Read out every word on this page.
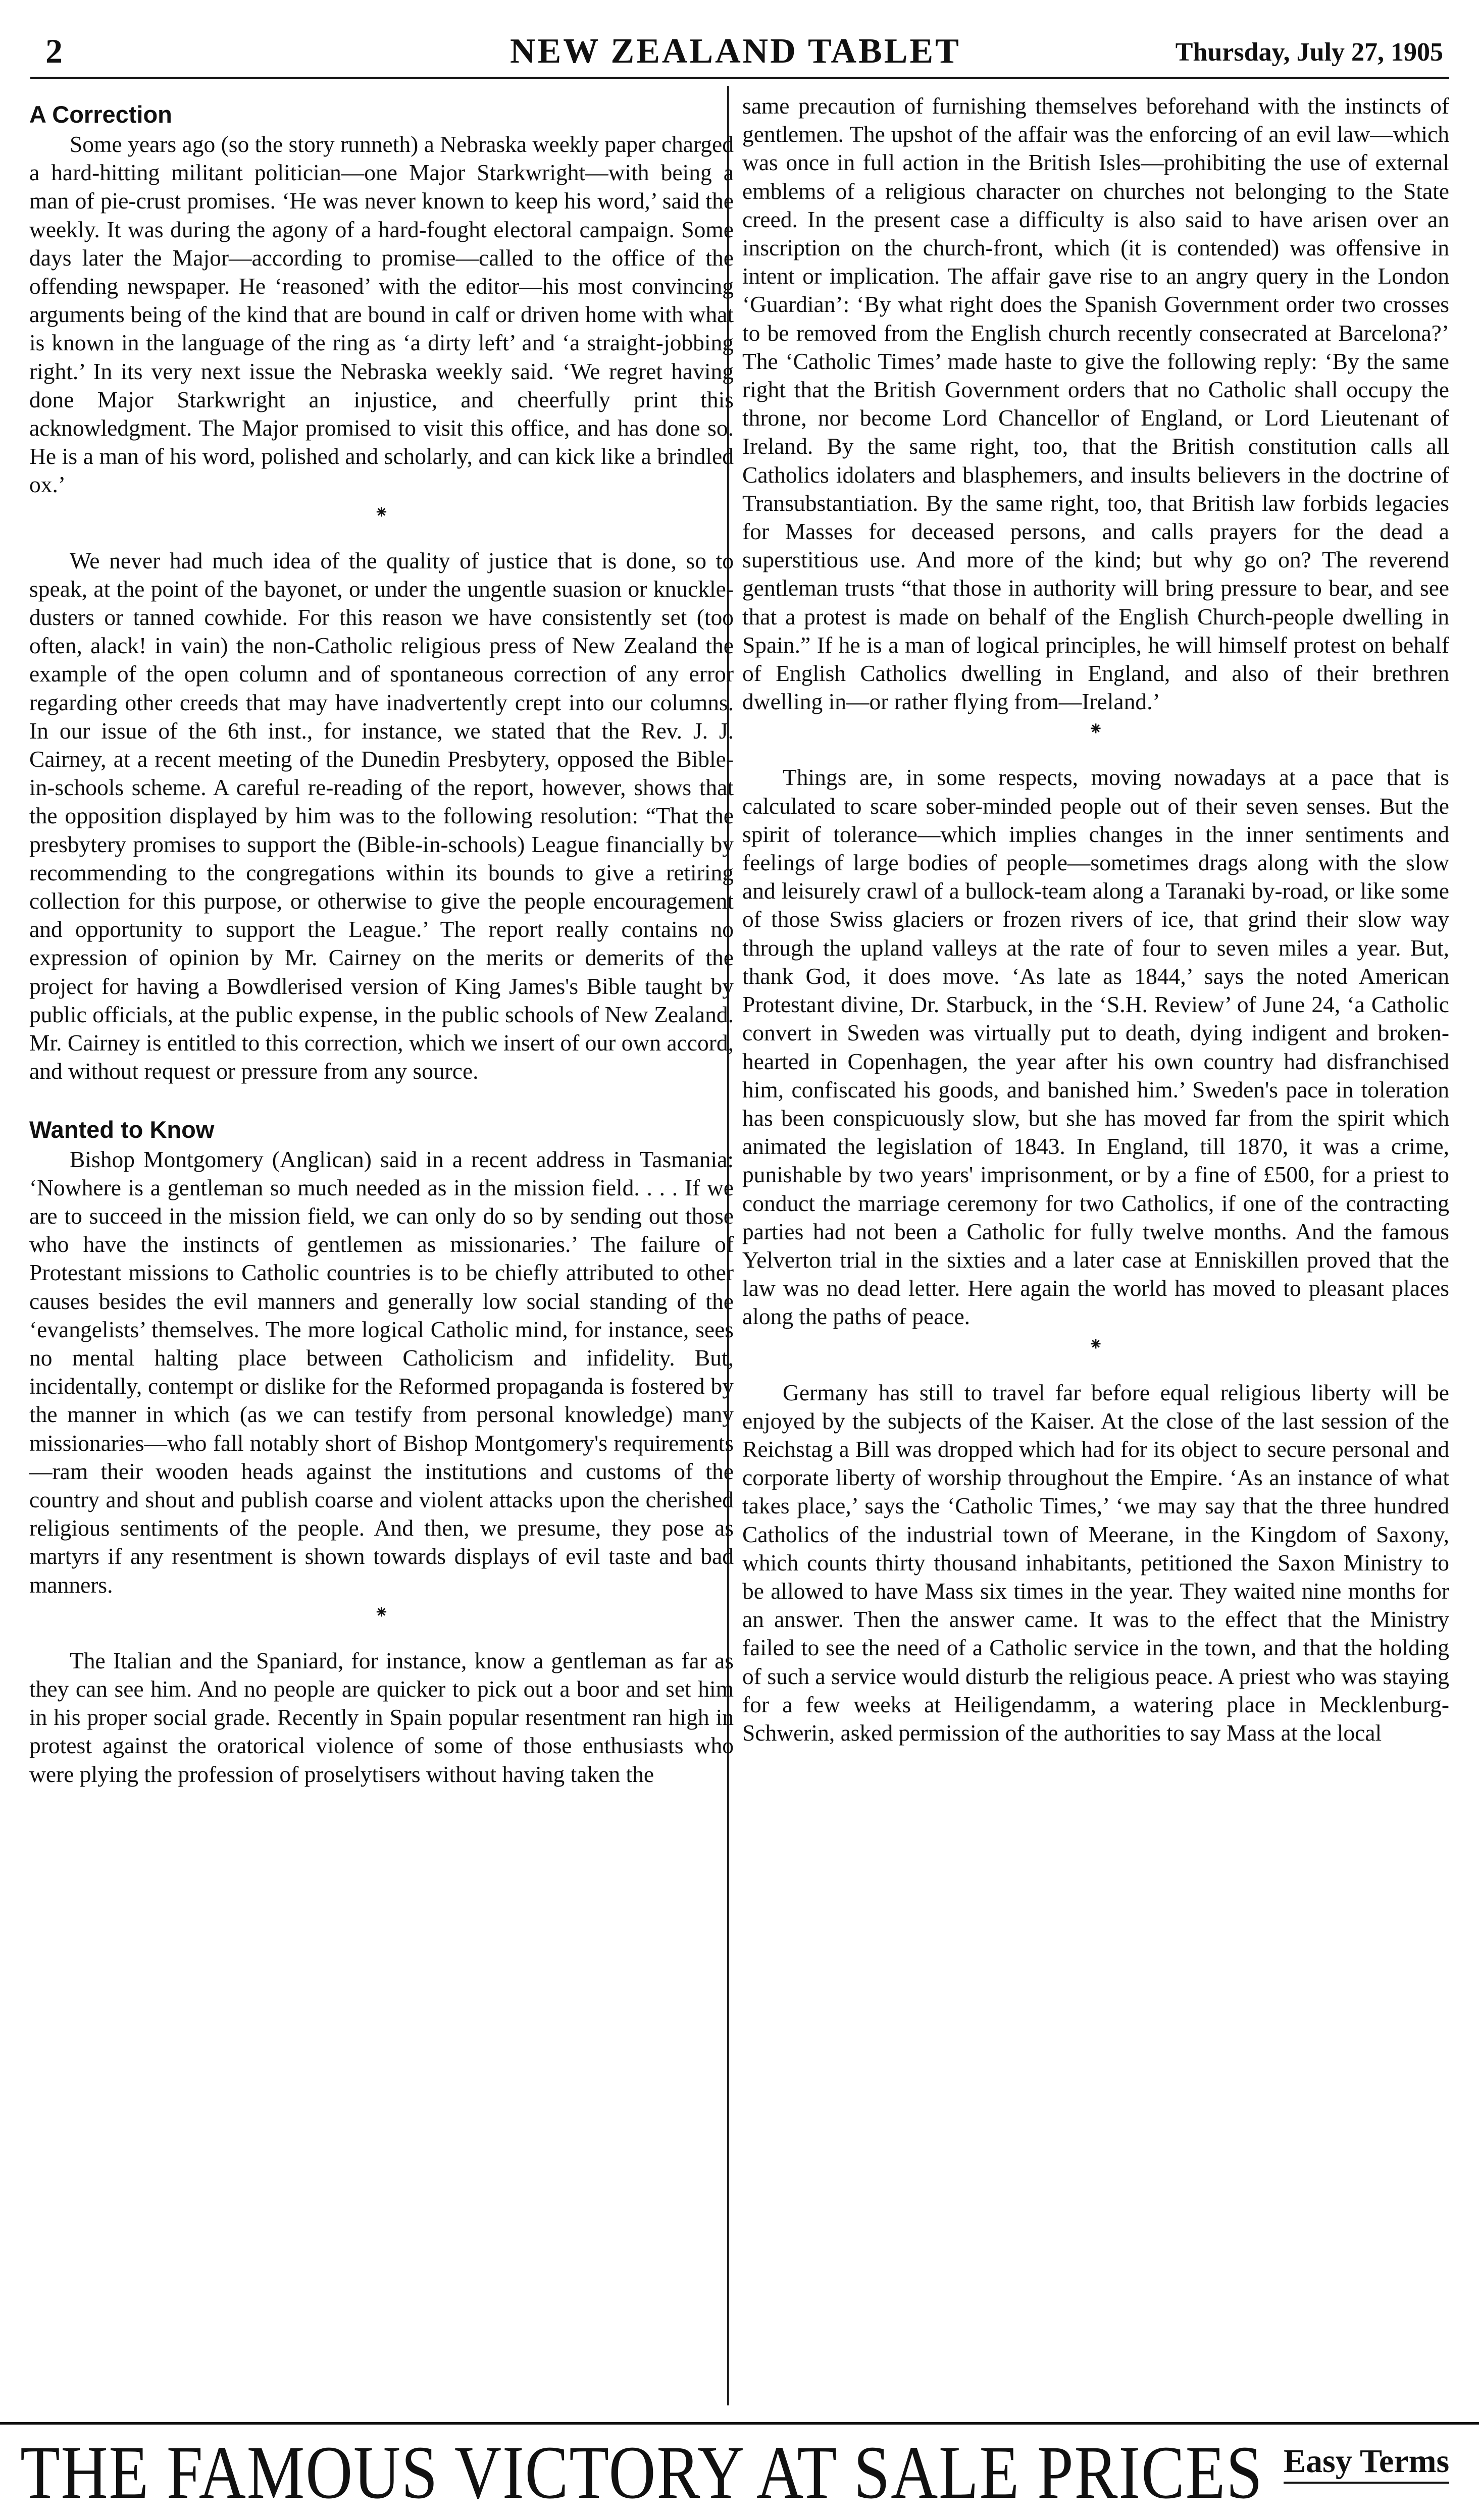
2	NEW ZEALAND TABLET	Thursday, July 27, 1905
A Correction

Some years ago (so the story runneth) a Nebraska weekly paper charged a hard-hitting militant politician—one Major Starkwright—with being a man of pie-crust promises. ‘He was never known to keep his word,’ said the weekly. It was during the agony of a hard-fought electoral campaign. Some days later the Major—according to promise—called to the office of the offending newspaper. He ‘reasoned’ with the editor—his most convincing arguments being of the kind that are bound in calf or driven home with what is known in the language of the ring as ‘a dirty left’ and ‘a straight-jobbing right.’ In its very next issue the Nebraska weekly said. ‘We regret having done Major Starkwright an injustice, and cheerfully print this acknowledgment. The Major promised to visit this office, and has done so. He is a man of his word, polished and scholarly, and can kick like a brindled ox.’

⁕

We never had much idea of the quality of justice that is done, so to speak, at the point of the bayonet, or under the ungentle suasion or knuckle-dusters or tanned cowhide. For this reason we have consistently set (too often, alack! in vain) the non-Catholic religious press of New Zealand the example of the open column and of spontaneous correction of any error regarding other creeds that may have inadvertently crept into our columns. In our issue of the 6th inst., for instance, we stated that the Rev. J. J. Cairney, at a recent meeting of the Dunedin Presbytery, opposed the Bible-in-schools scheme. A careful re-reading of the report, however, shows that the opposition displayed by him was to the following resolution: “That the presbytery promises to support the (Bible-in-schools) League financially by recommending to the congregations within its bounds to give a retiring collection for this purpose, or otherwise to give the people encouragement and opportunity to support the League.’ The report really contains no expression of opinion by Mr. Cairney on the merits or demerits of the project for having a Bowdlerised version of King James's Bible taught by public officials, at the public expense, in the public schools of New Zealand. Mr. Cairney is entitled to this correction, which we insert of our own accord, and without request or pressure from any source.

Wanted to Know

Bishop Montgomery (Anglican) said in a recent address in Tasmania: ‘Nowhere is a gentleman so much needed as in the mission field. . . . If we are to succeed in the mission field, we can only do so by sending out those who have the instincts of gentlemen as missionaries.’ The failure of Protestant missions to Catholic countries is to be chiefly attributed to other causes besides the evil manners and generally low social standing of the ‘evangelists’ themselves. The more logical Catholic mind, for instance, sees no mental halting place between Catholicism and infidelity. But, incidentally, contempt or dislike for the Reformed propaganda is fostered by the manner in which (as we can testify from personal knowledge) many missionaries—who fall notably short of Bishop Montgomery's requirements—ram their wooden heads against the institutions and customs of the country and shout and publish coarse and violent attacks upon the cherished religious sentiments of the people. And then, we presume, they pose as martyrs if any resentment is shown towards displays of evil taste and bad manners.

⁕

The Italian and the Spaniard, for instance, know a gentleman as far as they can see him. And no people are quicker to pick out a boor and set him in his proper social grade. Recently in Spain popular resentment ran high in protest against the oratorical violence of some of those enthusiasts who were plying the profession of proselytisers without having taken the

same precaution of furnishing themselves beforehand with the instincts of gentlemen. The upshot of the affair was the enforcing of an evil law—which was once in full action in the British Isles—prohibiting the use of external emblems of a religious character on churches not belonging to the State creed. In the present case a difficulty is also said to have arisen over an inscription on the church-front, which (it is contended) was offensive in intent or implication. The affair gave rise to an angry query in the London ‘Guardian’: ‘By what right does the Spanish Government order two crosses to be removed from the English church recently consecrated at Barcelona?’ The ‘Catholic Times’ made haste to give the following reply: ‘By the same right that the British Government orders that no Catholic shall occupy the throne, nor become Lord Chancellor of England, or Lord Lieutenant of Ireland. By the same right, too, that the British constitution calls all Catholics idolaters and blasphemers, and insults believers in the doctrine of Transubstantiation. By the same right, too, that British law forbids legacies for Masses for deceased persons, and calls prayers for the dead a superstitious use. And more of the kind; but why go on? The reverend gentleman trusts “that those in authority will bring pressure to bear, and see that a protest is made on behalf of the English Church-people dwelling in Spain.” If he is a man of logical principles, he will himself protest on behalf of English Catholics dwelling in England, and also of their brethren dwelling in—or rather flying from—Ireland.’

⁕

Things are, in some respects, moving nowadays at a pace that is calculated to scare sober-minded people out of their seven senses. But the spirit of tolerance—which implies changes in the inner sentiments and feelings of large bodies of people—sometimes drags along with the slow and leisurely crawl of a bullock-team along a Taranaki by-road, or like some of those Swiss glaciers or frozen rivers of ice, that grind their slow way through the upland valleys at the rate of four to seven miles a year. But, thank God, it does move. ‘As late as 1844,’ says the noted American Protestant divine, Dr. Starbuck, in the ‘S.H. Review’ of June 24, ‘a Catholic convert in Sweden was virtually put to death, dying indigent and broken-hearted in Copenhagen, the year after his own country had disfranchised him, confiscated his goods, and banished him.’ Sweden's pace in toleration has been conspicuously slow, but she has moved far from the spirit which animated the legislation of 1843. In England, till 1870, it was a crime, punishable by two years' imprisonment, or by a fine of £500, for a priest to conduct the marriage ceremony for two Catholics, if one of the contracting parties had not been a Catholic for fully twelve months. And the famous Yelverton trial in the sixties and a later case at Enniskillen proved that the law was no dead letter. Here again the world has moved to pleasant places along the paths of peace.

⁕

Germany has still to travel far before equal religious liberty will be enjoyed by the subjects of the Kaiser. At the close of the last session of the Reichstag a Bill was dropped which had for its object to secure personal and corporate liberty of worship throughout the Empire. ‘As an instance of what takes place,’ says the ‘Catholic Times,’ ‘we may say that the three hundred Catholics of the industrial town of Meerane, in the Kingdom of Saxony, which counts thirty thousand inhabitants, petitioned the Saxon Ministry to be allowed to have Mass six times in the year. They waited nine months for an answer. Then the answer came. It was to the effect that the Ministry failed to see the need of a Catholic service in the town, and that the holding of such a service would disturb the religious peace. A priest who was staying for a few weeks at Heiligendamm, a watering place in Mecklenburg-Schwerin, asked permission of the authorities to say Mass at the local

THE FAMOUS VICTORY AT SALE PRICES Easy Terms
